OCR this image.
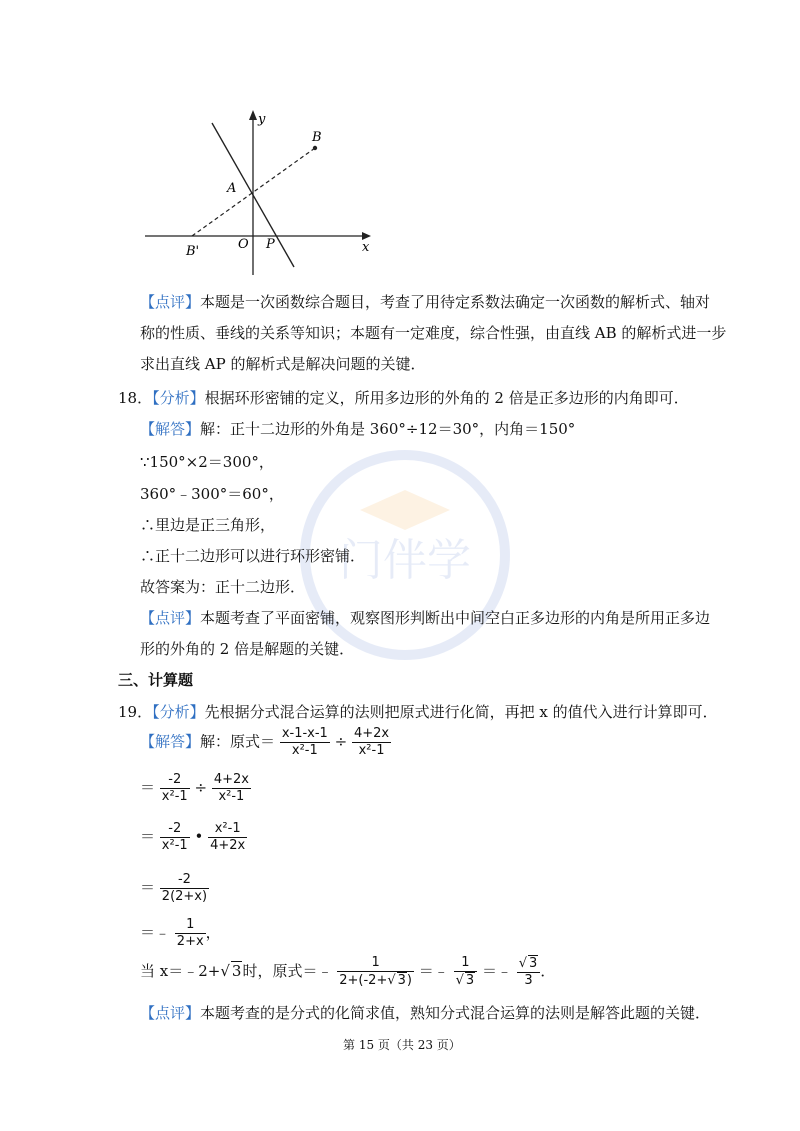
门伴学
y
x
A
B
B'	O P
【点评】本题是一次函数综合题目，考查了用待定系数法确定一次函数的解析式、轴对
称的性质、垂线的关系等知识；本题有一定难度，综合性强，由直线 AB 的解析式进一步
求出直线 AP 的解析式是解决问题的关键．
18．【分析】根据环形密铺的定义，所用多边形的外角的 2 倍是正多边形的内角即可．
【解答】解：正十二边形的外角是 360°÷12＝30°，内角＝150°
∵150°×2＝300°，
360°﹣300°＝60°，
∴里边是正三角形，
∴正十二边形可以进行环形密铺．
故答案为：正十二边形．
【点评】本题考查了平面密铺，观察图形判断出中间空白正多边形的内角是所用正多边
形的外角的 2 倍是解题的关键．
三、计算题
19．【分析】先根据分式混合运算的法则把原式进行化简，再把 x 的值代入进行计算即可．
【解答】解：原式＝ $\frac{x-1-x-1}{\text{x²-1}} \div \frac{4+2x}{\text{x²-1}}$
＝ $\frac{-2}{\text{x²-1}} \div \frac{4+2x}{\text{x²-1}}$
＝ $\frac{-2}{\text{x²-1}}$ • $\frac{\text{x²-1}}{4+2x}$
＝ $\frac{-2}{2(2+x)}$
＝﹣ $\frac{1}{2+x}$ ，
当 x＝﹣2+√ 3时，原式＝﹣ $\frac{1}{2+(-2+√ 3)}$ ＝﹣ $\frac{1}{√ 3}$ ＝﹣ $\frac{√ 3}{3}$ ．
【点评】本题考查的是分式的化简求值，熟知分式混合运算的法则是解答此题的关键．
第 15 页（共 23 页）
